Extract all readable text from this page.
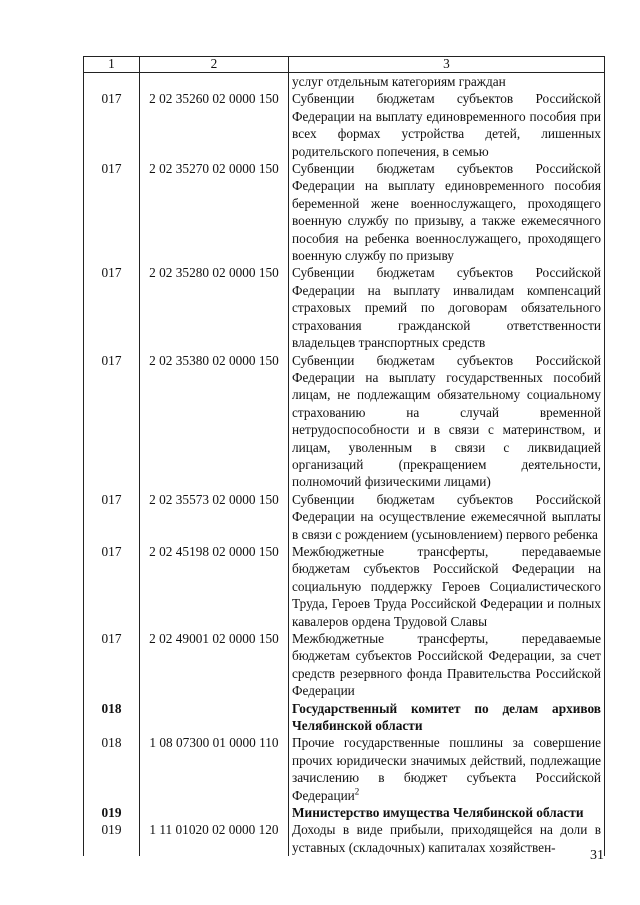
1	2	3
		услуг отдельным категориям граждан
017	2 02 35260 02 0000 150	Субвенции бюджетам субъектов Российской Федерации на выплату единовременного пособия при всех формах устройства детей, лишенных родительского попечения, в семью
017	2 02 35270 02 0000 150	Субвенции бюджетам субъектов Российской Федерации на выплату единовременного пособия беременной жене военнослужащего, проходящего военную службу по призыву, а также ежемесячного пособия на ребенка военнослужащего, проходящего военную службу по призыву
017	2 02 35280 02 0000 150	Субвенции бюджетам субъектов Российской Федерации на выплату инвалидам компенсаций страховых премий по договорам обязательного страхования гражданской ответственности владельцев транспортных средств
017	2 02 35380 02 0000 150	Субвенции бюджетам субъектов Российской Федерации на выплату государственных пособий лицам, не подлежащим обязательному социальному страхованию на случай временной нетрудоспособности и в связи с материнством, и лицам, уволенным в связи с ликвидацией организаций (прекращением деятельности, полномочий физическими лицами)
017	2 02 35573 02 0000 150	Субвенции бюджетам субъектов Российской Федерации на осуществление ежемесячной выплаты в связи с рождением (усыновлением) первого ребенка
017	2 02 45198 02 0000 150	Межбюджетные трансферты, передаваемые бюджетам субъектов Российской Федерации на социальную поддержку Героев Социалистического Труда, Героев Труда Российской Федерации и полных кавалеров ордена Трудовой Славы
017	2 02 49001 02 0000 150	Межбюджетные трансферты, передаваемые бюджетам субъектов Российской Федерации, за счет средств резервного фонда Правительства Российской Федерации
018		Государственный комитет по делам архивов Челябинской области
018	1 08 07300 01 0000 110	Прочие государственные пошлины за совершение прочих юридически значимых действий, подлежащие зачислению в бюджет субъекта Российской Федерации$^2$
019		Министерство имущества Челябинской области
019	1 11 01020 02 0000 120	Доходы в виде прибыли, приходящейся на доли в уставных (складочных) капиталах хозяйствен-
31
